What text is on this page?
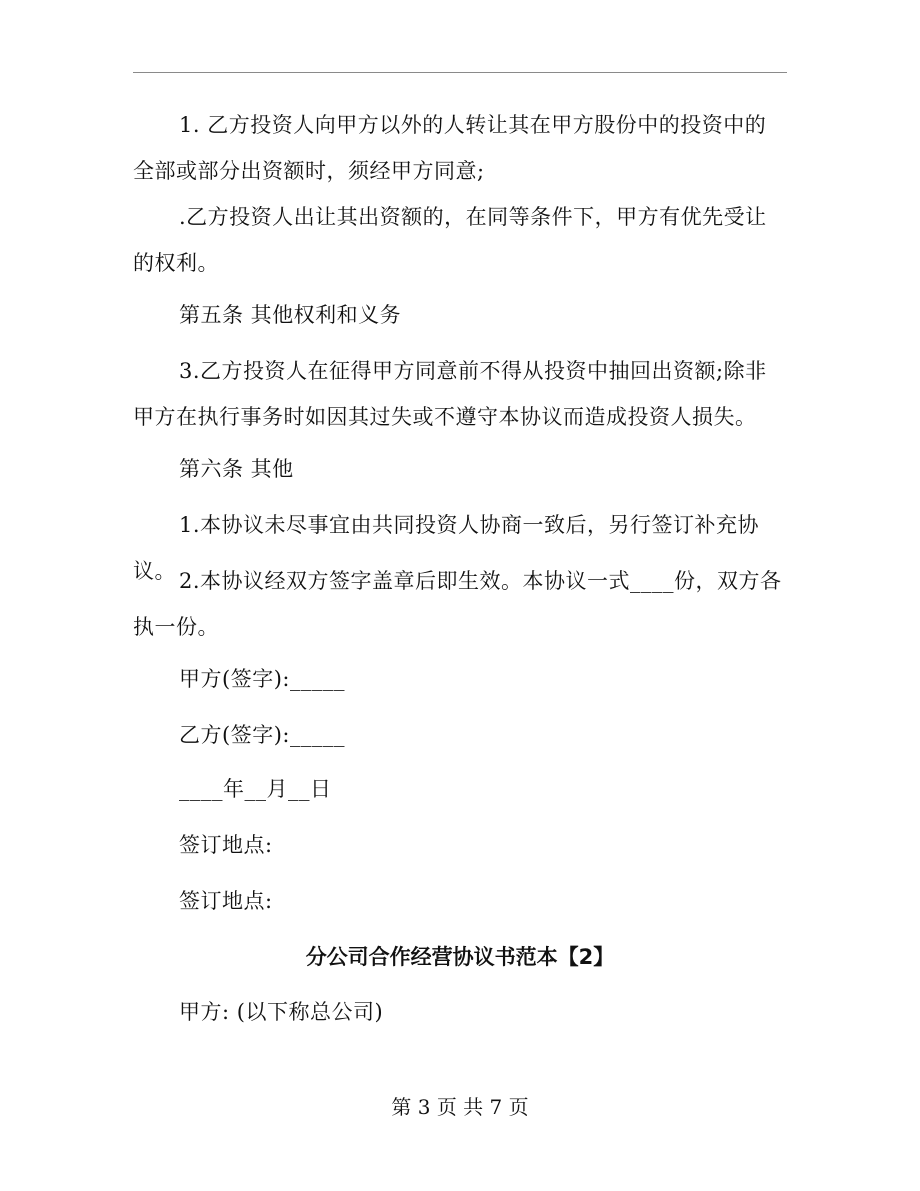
1. 乙方投资人向甲方以外的人转让其在甲方股份中的投资中的全部或部分出资额时，须经甲方同意;

.乙方投资人出让其出资额的，在同等条件下，甲方有优先受让的权利。

第五条 其他权利和义务

3.乙方投资人在征得甲方同意前不得从投资中抽回出资额;除非甲方在执行事务时如因其过失或不遵守本协议而造成投资人损失。

第六条 其他

1.本协议未尽事宜由共同投资人协商一致后，另行签订补充协议。 2.本协议经双方签字盖章后即生效。本协议一式____份，双方各执一份。

甲方(签字):_____

乙方(签字):_____

____年__月__日

签订地点:

签订地点:

分公司合作经营协议书范本【2】

甲方: (以下称总公司)

第 3 页 共 7 页
